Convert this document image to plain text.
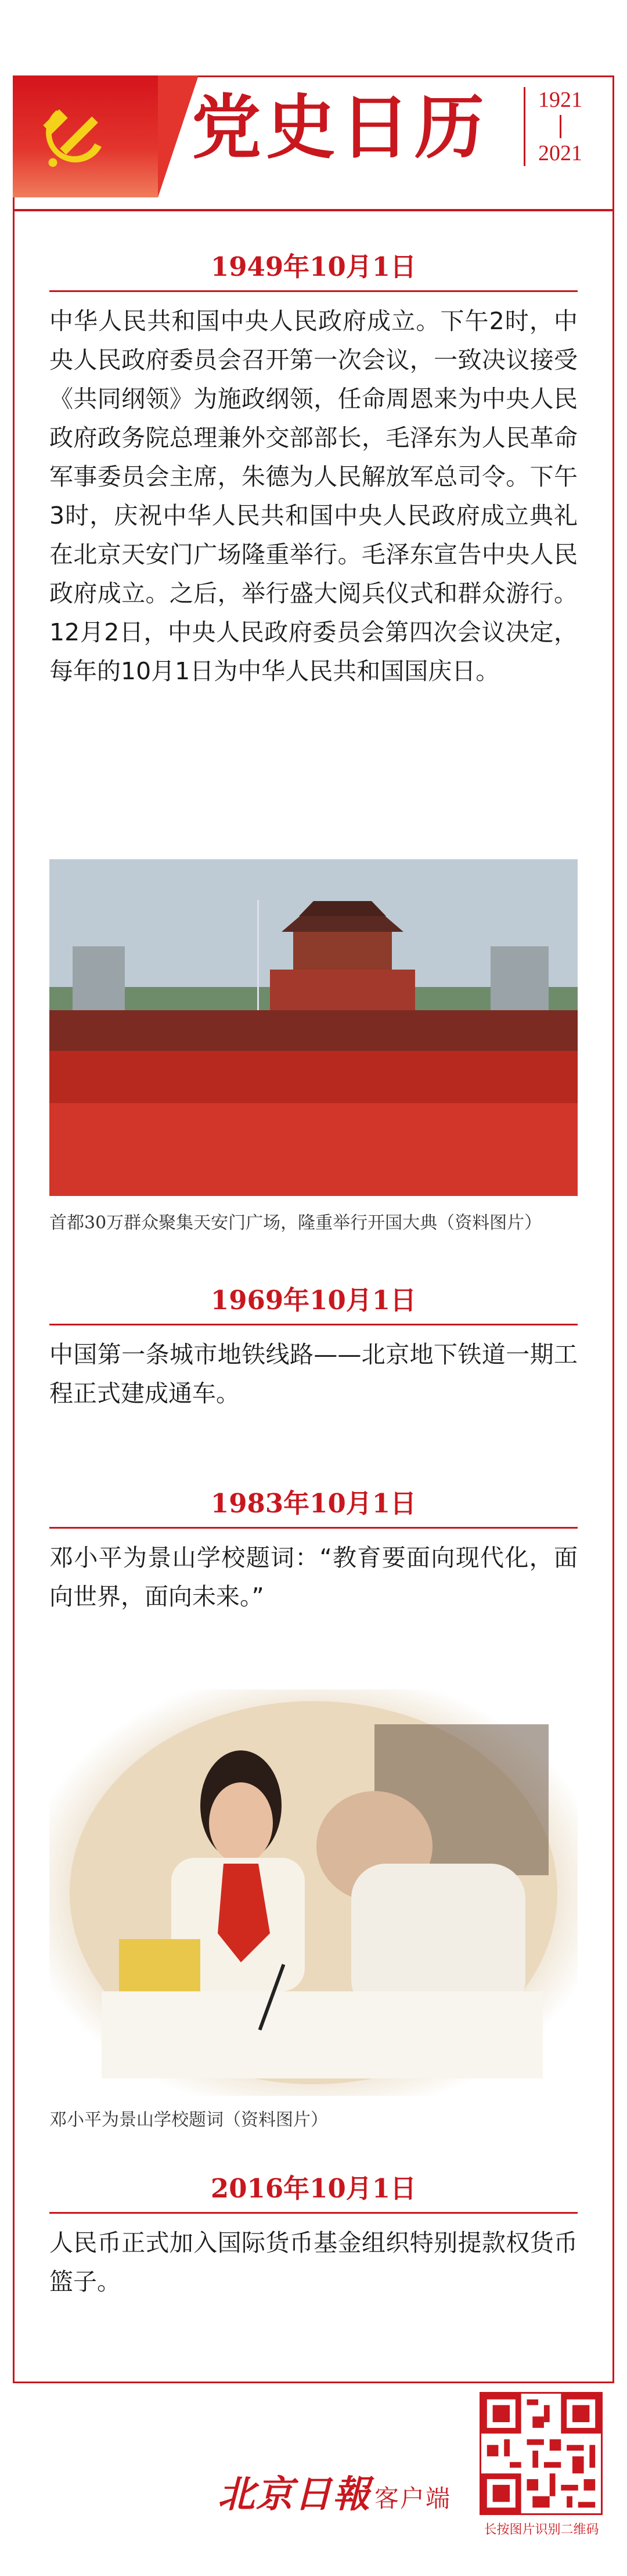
党史日历	1921
2021
1949年10月1日
中华人民共和国中央人民政府成立。下午2时，中央人民政府委员会召开第一次会议，一致决议接受《共同纲领》为施政纲领，任命周恩来为中央人民政府政务院总理兼外交部部长，毛泽东为人民革命军事委员会主席，朱德为人民解放军总司令。下午3时，庆祝中华人民共和国中央人民政府成立典礼在北京天安门广场隆重举行。毛泽东宣告中央人民政府成立。之后，举行盛大阅兵仪式和群众游行。12月2日，中央人民政府委员会第四次会议决定，每年的10月1日为中华人民共和国国庆日。
首都30万群众聚集天安门广场，隆重举行开国大典（资料图片）
1969年10月1日
中国第一条城市地铁线路——北京地下铁道一期工程正式建成通车。
1983年10月1日
邓小平为景山学校题词：“教育要面向现代化，面向世界，面向未来。”
邓小平为景山学校题词（资料图片）
2016年10月1日
人民币正式加入国际货币基金组织特别提款权货币篮子。
北京日報 客户端
长按图片识别二维码
